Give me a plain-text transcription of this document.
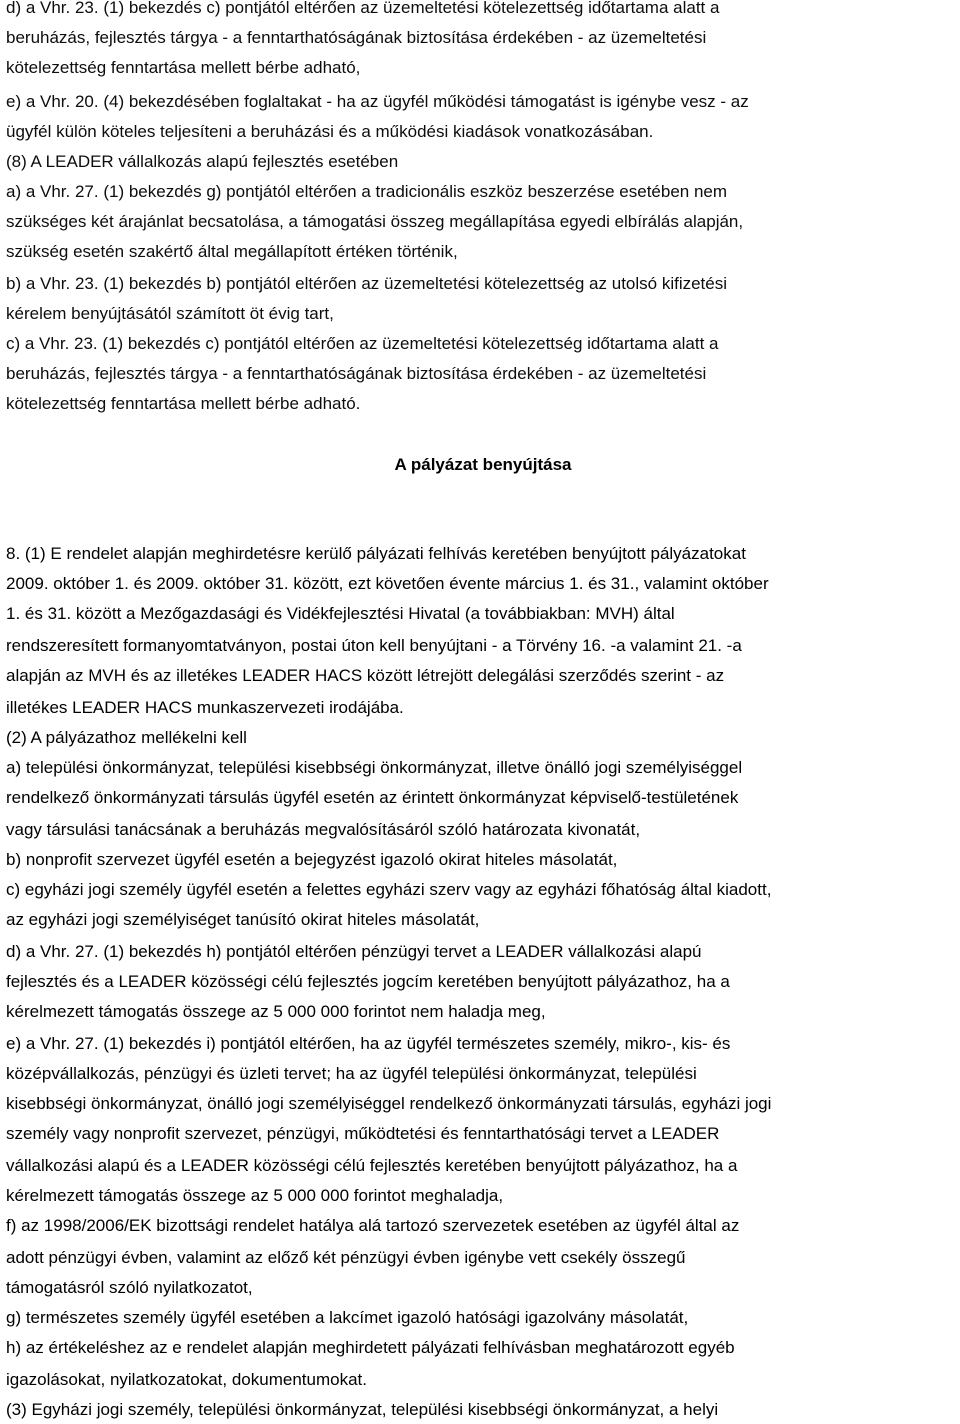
d) a Vhr. 23. (1) bekezdés c) pontjától eltérően az üzemeltetési kötelezettség időtartama alatt a

beruházás, fejlesztés tárgya - a fenntarthatóságának biztosítása érdekében - az üzemeltetési

kötelezettség fenntartása mellett bérbe adható,

e) a Vhr. 20. (4) bekezdésében foglaltakat - ha az ügyfél működési támogatást is igénybe vesz - az

ügyfél külön köteles teljesíteni a beruházási és a működési kiadások vonatkozásában.

(8) A LEADER vállalkozás alapú fejlesztés esetében

a) a Vhr. 27. (1) bekezdés g) pontjától eltérően a tradicionális eszköz beszerzése esetében nem

szükséges két árajánlat becsatolása, a támogatási összeg megállapítása egyedi elbírálás alapján,

szükség esetén szakértő által megállapított értéken történik,

b) a Vhr. 23. (1) bekezdés b) pontjától eltérően az üzemeltetési kötelezettség az utolsó kifizetési

kérelem benyújtásától számított öt évig tart,

c) a Vhr. 23. (1) bekezdés c) pontjától eltérően az üzemeltetési kötelezettség időtartama alatt a

beruházás, fejlesztés tárgya - a fenntarthatóságának biztosítása érdekében - az üzemeltetési

kötelezettség fenntartása mellett bérbe adható.

A pályázat benyújtása

8. (1) E rendelet alapján meghirdetésre kerülő pályázati felhívás keretében benyújtott pályázatokat

2009. október 1. és 2009. október 31. között, ezt követően évente március 1. és 31., valamint október

1. és 31. között a Mezőgazdasági és Vidékfejlesztési Hivatal (a továbbiakban: MVH) által

rendszeresített formanyomtatványon, postai úton kell benyújtani - a Törvény 16. -a valamint 21. -a

alapján az MVH és az illetékes LEADER HACS között létrejött delegálási szerződés szerint - az

illetékes LEADER HACS munkaszervezeti irodájába.

(2) A pályázathoz mellékelni kell

a) települési önkormányzat, települési kisebbségi önkormányzat, illetve önálló jogi személyiséggel

rendelkező önkormányzati társulás ügyfél esetén az érintett önkormányzat képviselő-testületének

vagy társulási tanácsának a beruházás megvalósításáról szóló határozata kivonatát,

b) nonprofit szervezet ügyfél esetén a bejegyzést igazoló okirat hiteles másolatát,

c) egyházi jogi személy ügyfél esetén a felettes egyházi szerv vagy az egyházi főhatóság által kiadott,

az egyházi jogi személyiséget tanúsító okirat hiteles másolatát,

d) a Vhr. 27. (1) bekezdés h) pontjától eltérően pénzügyi tervet a LEADER vállalkozási alapú

fejlesztés és a LEADER közösségi célú fejlesztés jogcím keretében benyújtott pályázathoz, ha a

kérelmezett támogatás összege az 5 000 000 forintot nem haladja meg,

e) a Vhr. 27. (1) bekezdés i) pontjától eltérően, ha az ügyfél természetes személy, mikro-, kis- és

középvállalkozás, pénzügyi és üzleti tervet; ha az ügyfél települési önkormányzat, települési

kisebbségi önkormányzat, önálló jogi személyiséggel rendelkező önkormányzati társulás, egyházi jogi

személy vagy nonprofit szervezet, pénzügyi, működtetési és fenntarthatósági tervet a LEADER

vállalkozási alapú és a LEADER közösségi célú fejlesztés keretében benyújtott pályázathoz, ha a

kérelmezett támogatás összege az 5 000 000 forintot meghaladja,

f) az 1998/2006/EK bizottsági rendelet hatálya alá tartozó szervezetek esetében az ügyfél által az

adott pénzügyi évben, valamint az előző két pénzügyi évben igénybe vett csekély összegű

támogatásról szóló nyilatkozatot,

g) természetes személy ügyfél esetében a lakcímet igazoló hatósági igazolvány másolatát,

h) az értékeléshez az e rendelet alapján meghirdetett pályázati felhívásban meghatározott egyéb

igazolásokat, nyilatkozatokat, dokumentumokat.

(3) Egyházi jogi személy, települési önkormányzat, települési kisebbségi önkormányzat, a helyi
